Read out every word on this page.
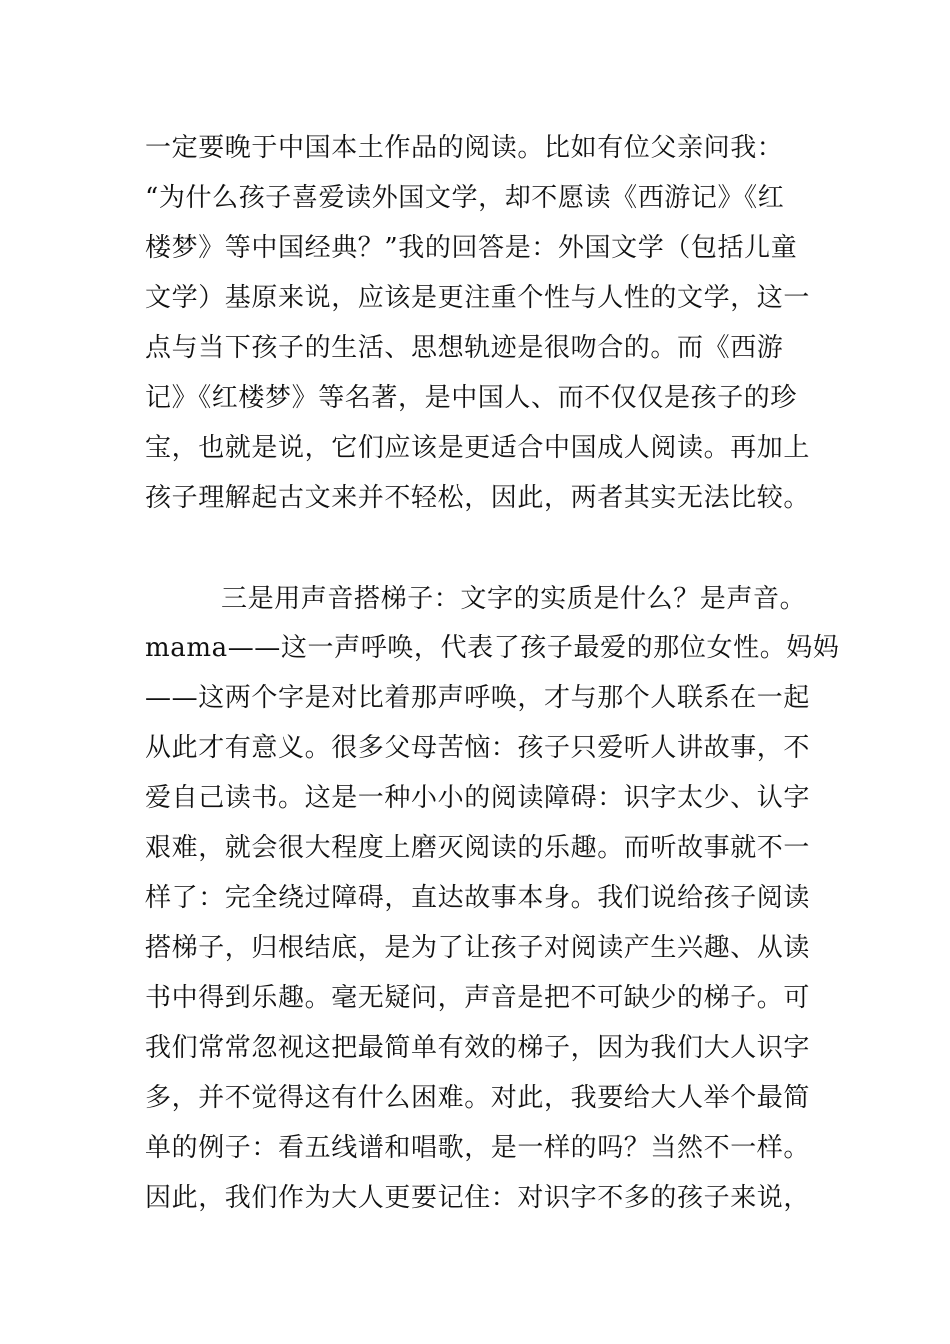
一定要晚于中国本土作品的阅读。比如有位父亲问我：

“为什么孩子喜爱读外国文学，却不愿读《西游记》《红

楼梦》等中国经典？”我的回答是：外国文学（包括儿童

文学）基原来说，应该是更注重个性与人性的文学，这一

点与当下孩子的生活、思想轨迹是很吻合的。而《西游

记》《红楼梦》等名著，是中国人、而不仅仅是孩子的珍

宝，也就是说，它们应该是更适合中国成人阅读。再加上

孩子理解起古文来并不轻松，因此，两者其实无法比较。

三是用声音搭梯子：文字的实质是什么？是声音。

mama——这一声呼唤，代表了孩子最爱的那位女性。妈妈

——这两个字是对比着那声呼唤，才与那个人联系在一起

从此才有意义。很多父母苦恼：孩子只爱听人讲故事，不

爱自己读书。这是一种小小的阅读障碍：识字太少、认字

艰难，就会很大程度上磨灭阅读的乐趣。而听故事就不一

样了：完全绕过障碍，直达故事本身。我们说给孩子阅读

搭梯子，归根结底，是为了让孩子对阅读产生兴趣、从读

书中得到乐趣。毫无疑问，声音是把不可缺少的梯子。可

我们常常忽视这把最简单有效的梯子，因为我们大人识字

多，并不觉得这有什么困难。对此，我要给大人举个最简

单的例子：看五线谱和唱歌，是一样的吗？当然不一样。

因此，我们作为大人更要记住：对识字不多的孩子来说，
